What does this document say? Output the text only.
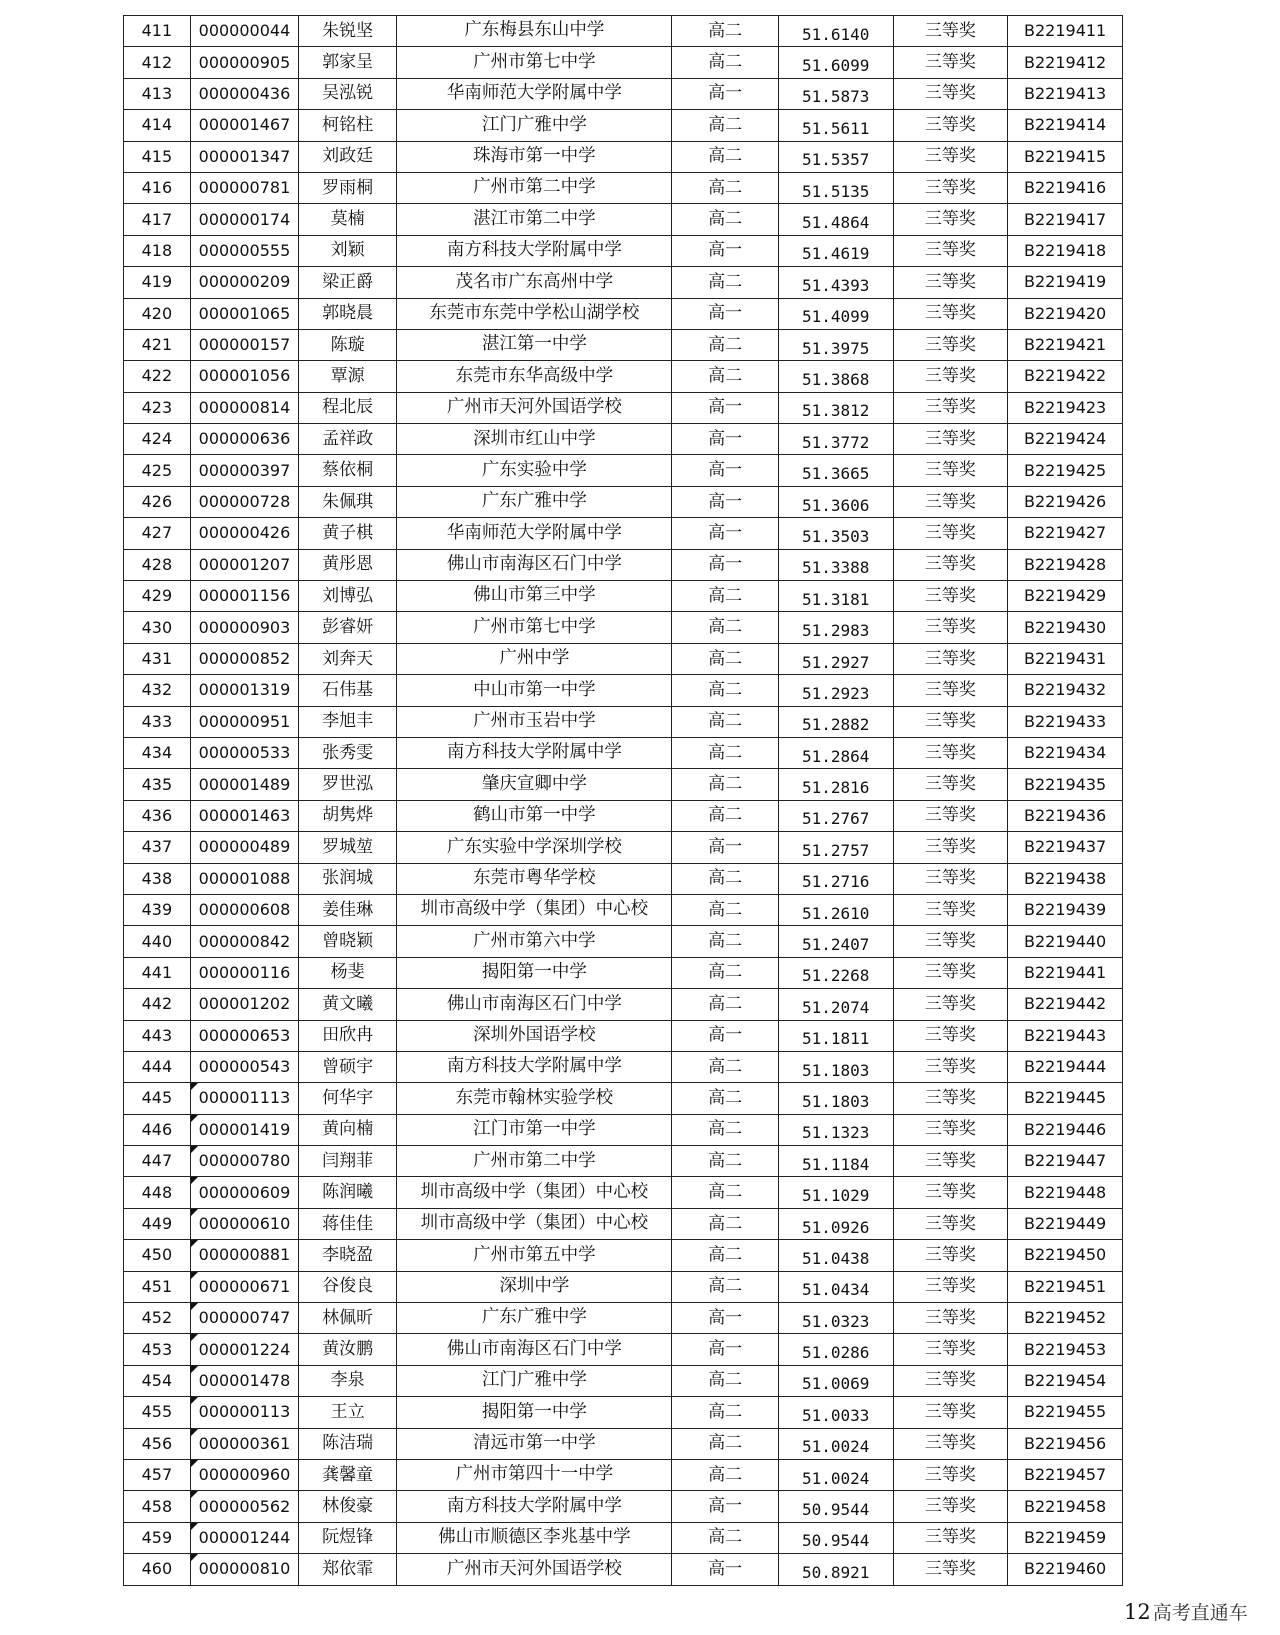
411	000000044	朱锐坚	广东梅县东山中学	高二	51.6140	三等奖	B2219411
412	000000905	郭家呈	广州市第七中学	高二	51.6099	三等奖	B2219412
413	000000436	吴泓锐	华南师范大学附属中学	高一	51.5873	三等奖	B2219413
414	000001467	柯铭柱	江门广雅中学	高二	51.5611	三等奖	B2219414
415	000001347	刘政廷	珠海市第一中学	高二	51.5357	三等奖	B2219415
416	000000781	罗雨桐	广州市第二中学	高二	51.5135	三等奖	B2219416
417	000000174	莫楠	湛江市第二中学	高二	51.4864	三等奖	B2219417
418	000000555	刘颖	南方科技大学附属中学	高一	51.4619	三等奖	B2219418
419	000000209	梁正爵	茂名市广东高州中学	高二	51.4393	三等奖	B2219419
420	000001065	郭晓晨	东莞市东莞中学松山湖学校	高一	51.4099	三等奖	B2219420
421	000000157	陈璇	湛江第一中学	高二	51.3975	三等奖	B2219421
422	000001056	覃源	东莞市东华高级中学	高二	51.3868	三等奖	B2219422
423	000000814	程北辰	广州市天河外国语学校	高一	51.3812	三等奖	B2219423
424	000000636	孟祥政	深圳市红山中学	高一	51.3772	三等奖	B2219424
425	000000397	蔡依桐	广东实验中学	高一	51.3665	三等奖	B2219425
426	000000728	朱佩琪	广东广雅中学	高一	51.3606	三等奖	B2219426
427	000000426	黄子棋	华南师范大学附属中学	高一	51.3503	三等奖	B2219427
428	000001207	黄彤恩	佛山市南海区石门中学	高一	51.3388	三等奖	B2219428
429	000001156	刘博弘	佛山市第三中学	高二	51.3181	三等奖	B2219429
430	000000903	彭睿妍	广州市第七中学	高二	51.2983	三等奖	B2219430
431	000000852	刘奔天	广州中学	高二	51.2927	三等奖	B2219431
432	000001319	石伟基	中山市第一中学	高二	51.2923	三等奖	B2219432
433	000000951	李旭丰	广州市玉岩中学	高二	51.2882	三等奖	B2219433
434	000000533	张秀雯	南方科技大学附属中学	高二	51.2864	三等奖	B2219434
435	000001489	罗世泓	肇庆宣卿中学	高二	51.2816	三等奖	B2219435
436	000001463	胡隽烨	鹤山市第一中学	高二	51.2767	三等奖	B2219436
437	000000489	罗城堃	广东实验中学深圳学校	高一	51.2757	三等奖	B2219437
438	000001088	张润城	东莞市粤华学校	高二	51.2716	三等奖	B2219438
439	000000608	姜佳琳	圳市高级中学（集团）中心校	高二	51.2610	三等奖	B2219439
440	000000842	曾晓颖	广州市第六中学	高二	51.2407	三等奖	B2219440
441	000000116	杨斐	揭阳第一中学	高二	51.2268	三等奖	B2219441
442	000001202	黄文曦	佛山市南海区石门中学	高二	51.2074	三等奖	B2219442
443	000000653	田欣冉	深圳外国语学校	高一	51.1811	三等奖	B2219443
444	000000543	曾硕宇	南方科技大学附属中学	高二	51.1803	三等奖	B2219444
445	000001113	何华宇	东莞市翰林实验学校	高二	51.1803	三等奖	B2219445
446	000001419	黄向楠	江门市第一中学	高二	51.1323	三等奖	B2219446
447	000000780	闫翔菲	广州市第二中学	高二	51.1184	三等奖	B2219447
448	000000609	陈润曦	圳市高级中学（集团）中心校	高二	51.1029	三等奖	B2219448
449	000000610	蒋佳佳	圳市高级中学（集团）中心校	高二	51.0926	三等奖	B2219449
450	000000881	李晓盈	广州市第五中学	高二	51.0438	三等奖	B2219450
451	000000671	谷俊良	深圳中学	高二	51.0434	三等奖	B2219451
452	000000747	林佩昕	广东广雅中学	高一	51.0323	三等奖	B2219452
453	000001224	黄汝鹏	佛山市南海区石门中学	高一	51.0286	三等奖	B2219453
454	000001478	李泉	江门广雅中学	高二	51.0069	三等奖	B2219454
455	000000113	王立	揭阳第一中学	高二	51.0033	三等奖	B2219455
456	000000361	陈洁瑞	清远市第一中学	高二	51.0024	三等奖	B2219456
457	000000960	龚馨童	广州市第四十一中学	高二	51.0024	三等奖	B2219457
458	000000562	林俊豪	南方科技大学附属中学	高一	50.9544	三等奖	B2219458
459	000001244	阮煜锋	佛山市顺德区李兆基中学	高二	50.9544	三等奖	B2219459
460	000000810	郑依霏	广州市天河外国语学校	高一	50.8921	三等奖	B2219460
12 高考直通车
